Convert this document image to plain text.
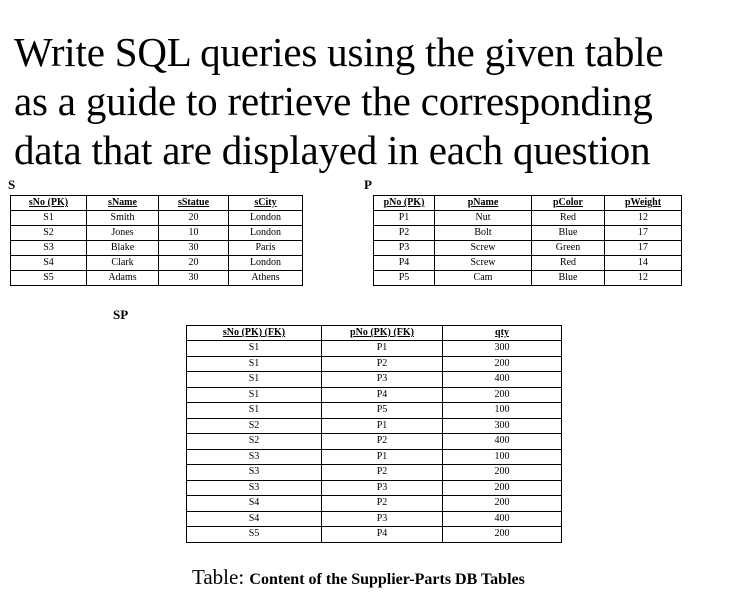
Write SQL queries using the given table
as a guide to retrieve the corresponding
data that are displayed in each question
S	P
SP
sNo (PK)	sName	sStatue	sCity
S1	Smith	20	London
S2	Jones	10	London
S3	Blake	30	Paris
S4	Clark	20	London
S5	Adams	30	Athens
pNo (PK)	pName	pColor	pWeight
P1	Nut	Red	12
P2	Bolt	Blue	17
P3	Screw	Green	17
P4	Screw	Red	14
P5	Cam	Blue	12
sNo (PK) (FK)	pNo (PK) (FK)	qty
S1	P1	300
S1	P2	200
S1	P3	400
S1	P4	200
S1	P5	100
S2	P1	300
S2	P2	400
S3	P1	100
S3	P2	200
S3	P3	200
S4	P2	200
S4	P3	400
S5	P4	200
Table: Content of the Supplier-Parts DB Tables
